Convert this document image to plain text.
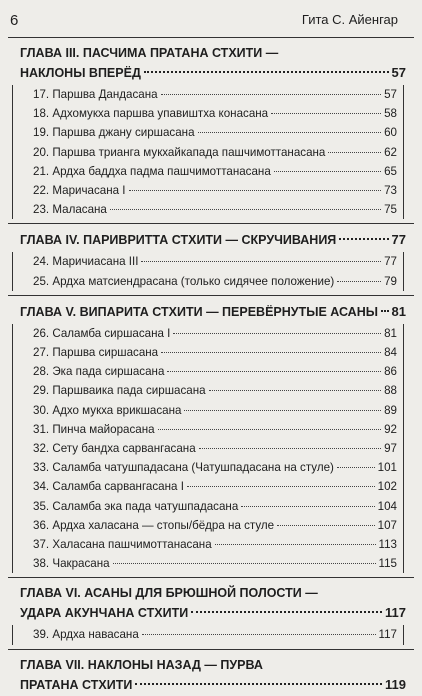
6	Гита С. Айенгар
ГЛАВА III. ПАСЧИМА ПРАТАНА СТХИТИ —
НАКЛОНЫ ВПЕРЁД	57
17. Паршва Дандасана	57
18. Адхомукха паршва упавиштха конасана	58
19. Паршва джану сиршасана	60
20. Паршва трианга мукхайкапада пашчимоттанасана	62
21. Ардха баддха падма пашчимоттанасана	65
22. Маричасана I	73
23. Маласана	75
ГЛАВА IV. ПАРИВРИТТА СТХИТИ — СКРУЧИВАНИЯ	77
24. Маричиасана III	77
25. Ардха матсиендрасана (только сидячее положение)	79
ГЛАВА V. ВИПАРИТА СТХИТИ — ПЕРЕВЁРНУТЫЕ АСАНЫ 81
26. Саламба сиршасана I	81
27. Паршва сиршасана	84
28. Эка пада сиршасана	86
29. Паршваика пада сиршасана	88
30. Адхо мукха врикшасана	89
31. Пинча майорасана	92
32. Сету бандха сарвангасана	97
33. Саламба чатушпадасана (Чатушпадасана на стуле)	101
34. Саламба сарвангасана I	102
35. Саламба эка пада чатушпадасана	104
36. Ардха халасана — стопы/бёдра на стуле	107
37. Халасана пашчимоттанасана	113
38. Чакрасана	115
ГЛАВА VI. АСАНЫ ДЛЯ БРЮШНОЙ ПОЛОСТИ —
УДАРА АКУНЧАНА СТХИТИ	117
39. Ардха навасана	117
ГЛАВА VII. НАКЛОНЫ НАЗАД — ПУРВА
ПРАТАНА СТХИТИ	119
